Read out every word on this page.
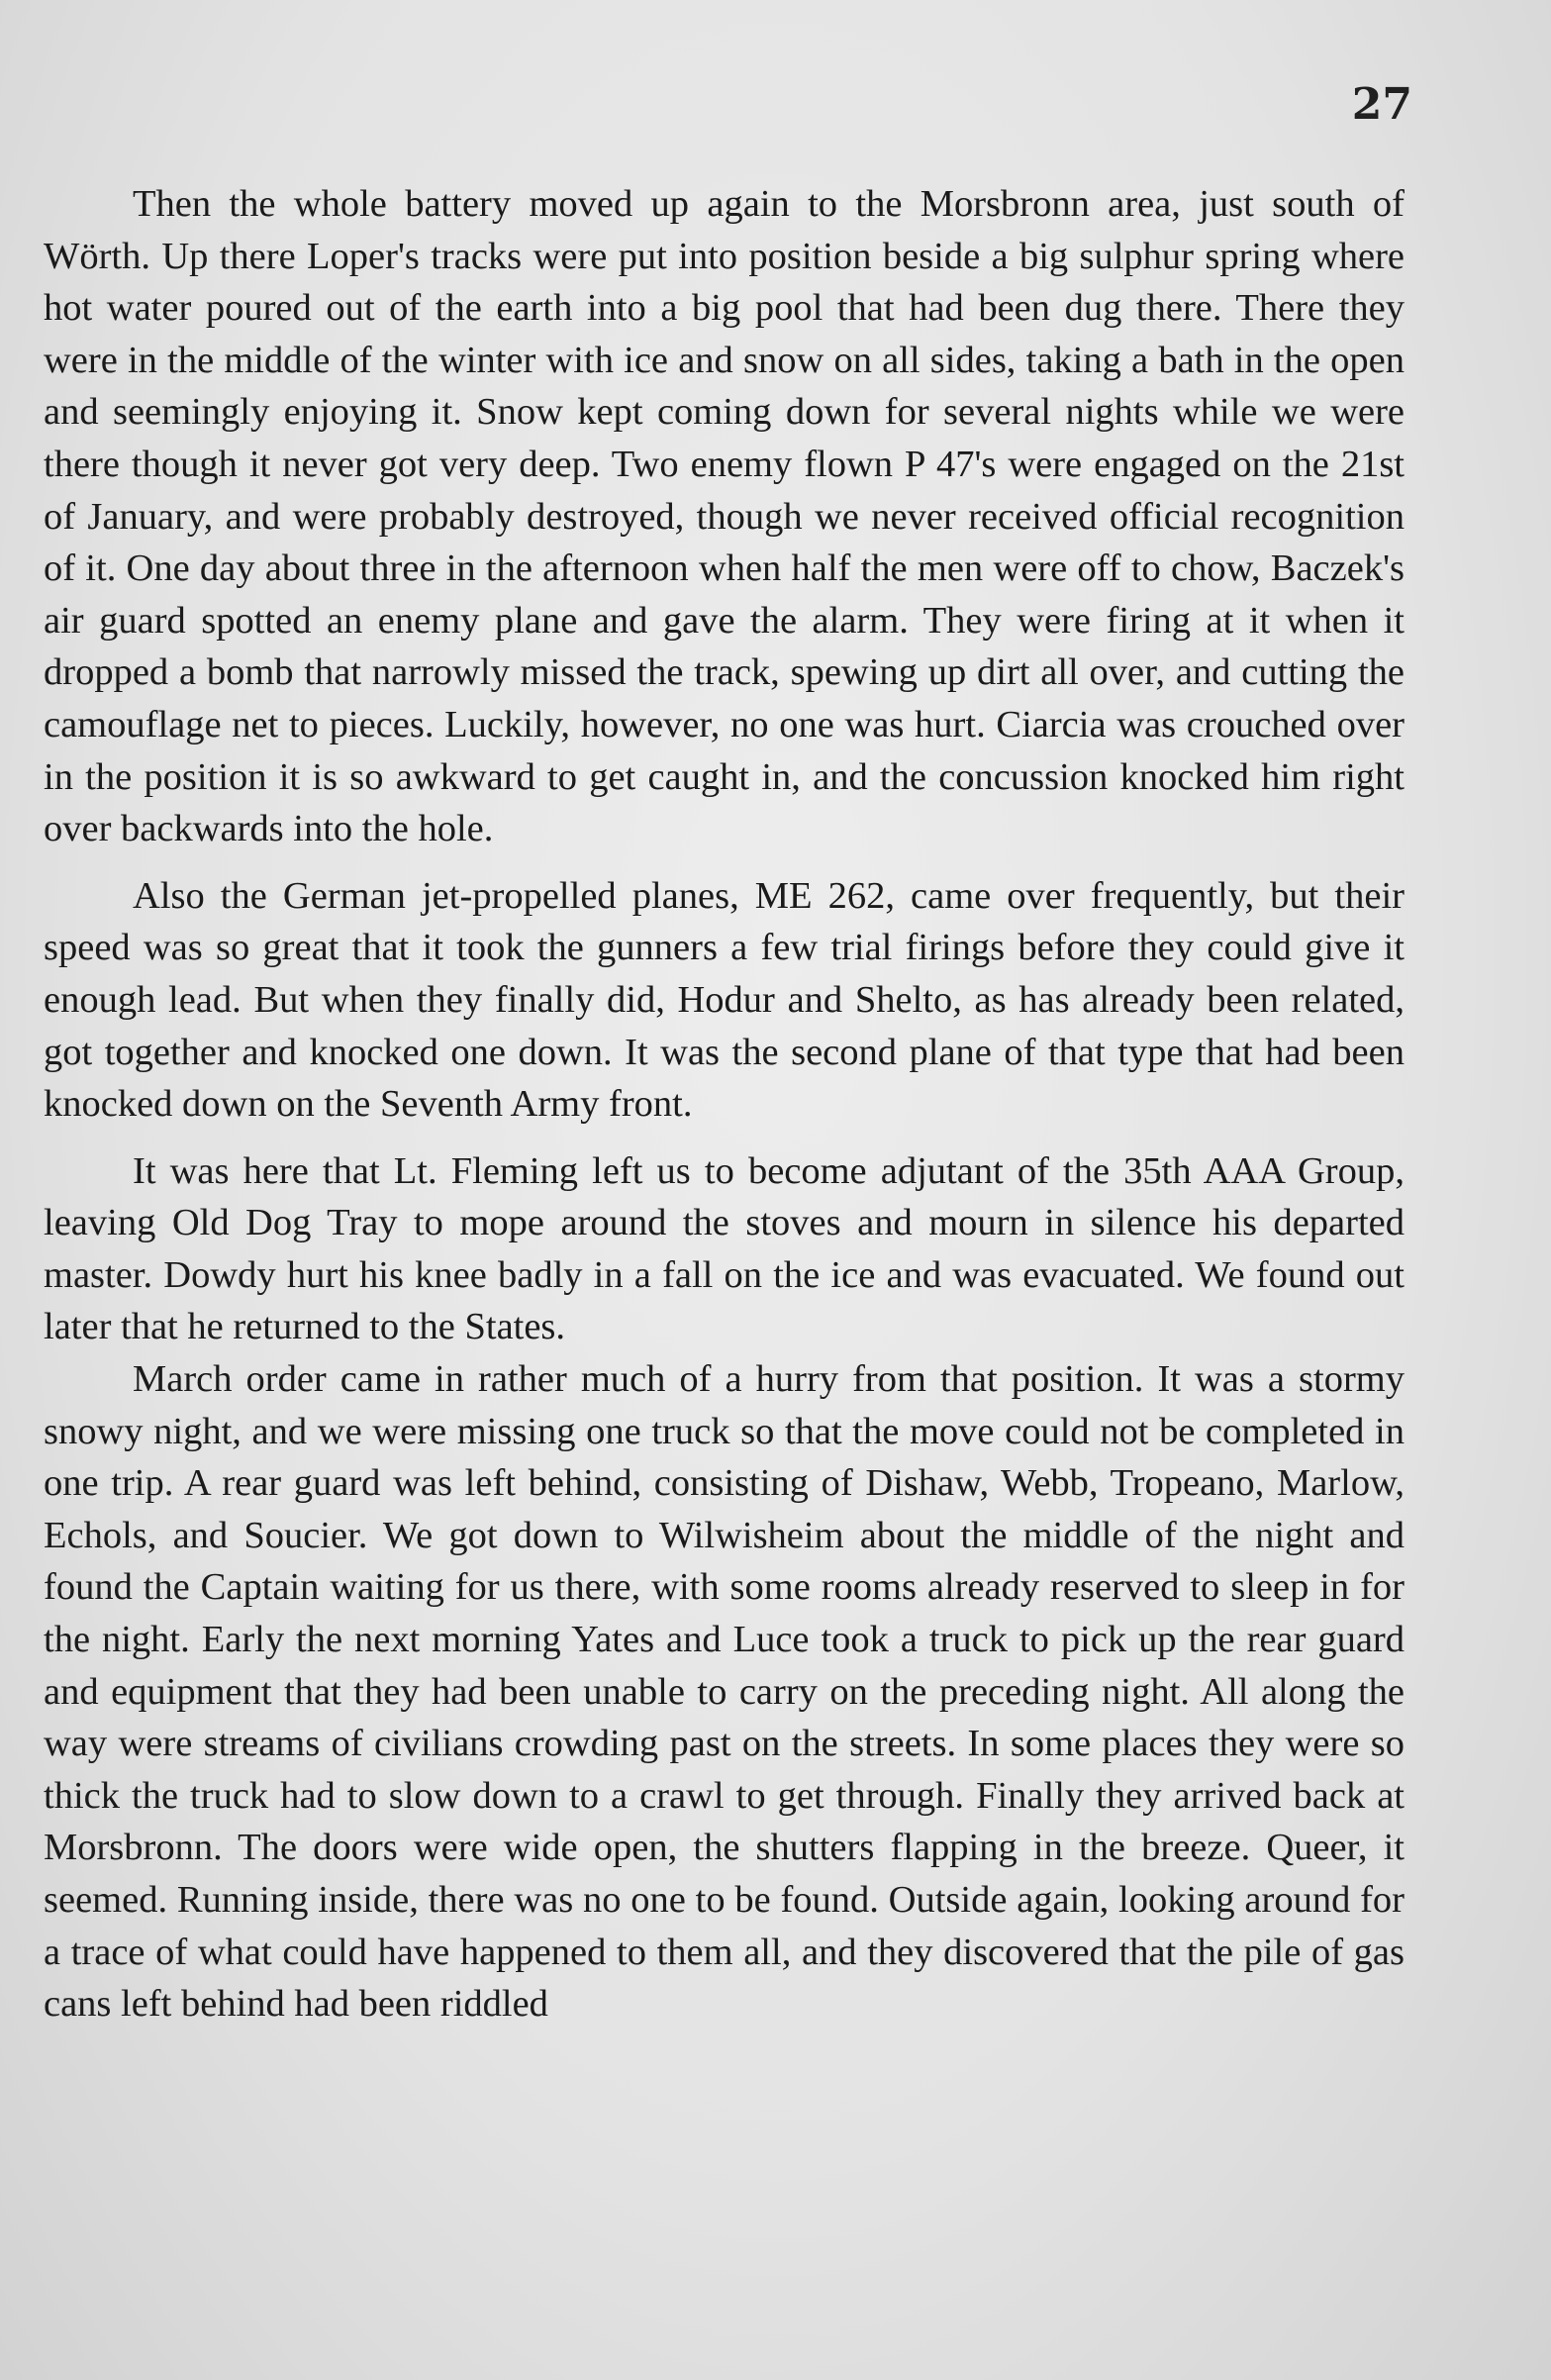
27

Then the whole battery moved up again to the Morsbronn area, just south of Wörth. Up there Loper's tracks were put into position beside a big sulphur spring where hot water poured out of the earth into a big pool that had been dug there. There they were in the middle of the winter with ice and snow on all sides, taking a bath in the open and seemingly enjoying it. Snow kept coming down for several nights while we were there though it never got very deep. Two enemy flown P 47's were engaged on the 21st of January, and were probably destroyed, though we never received official recognition of it. One day about three in the afternoon when half the men were off to chow, Baczek's air guard spotted an enemy plane and gave the alarm. They were firing at it when it dropped a bomb that narrowly missed the track, spewing up dirt all over, and cutting the camouflage net to pieces. Luckily, however, no one was hurt. Ciarcia was crouched over in the position it is so awkward to get caught in, and the concussion knocked him right over backwards into the hole.

Also the German jet-propelled planes, ME 262, came over frequently, but their speed was so great that it took the gunners a few trial firings before they could give it enough lead. But when they finally did, Hodur and Shelto, as has already been related, got together and knocked one down. It was the second plane of that type that had been knocked down on the Seventh Army front.

It was here that Lt. Fleming left us to become adjutant of the 35th AAA Group, leaving Old Dog Tray to mope around the stoves and mourn in silence his departed master. Dowdy hurt his knee badly in a fall on the ice and was evacuated. We found out later that he returned to the States.

March order came in rather much of a hurry from that position. It was a stormy snowy night, and we were missing one truck so that the move could not be completed in one trip. A rear guard was left behind, consisting of Dishaw, Webb, Tropeano, Marlow, Echols, and Soucier. We got down to Wilwisheim about the middle of the night and found the Captain waiting for us there, with some rooms already reserved to sleep in for the night. Early the next morning Yates and Luce took a truck to pick up the rear guard and equipment that they had been unable to carry on the preceding night. All along the way were streams of civilians crowding past on the streets. In some places they were so thick the truck had to slow down to a crawl to get through. Finally they arrived back at Morsbronn. The doors were wide open, the shutters flapping in the breeze. Queer, it seemed. Running inside, there was no one to be found. Outside again, looking around for a trace of what could have happened to them all, and they discovered that the pile of gas cans left behind had been riddled
